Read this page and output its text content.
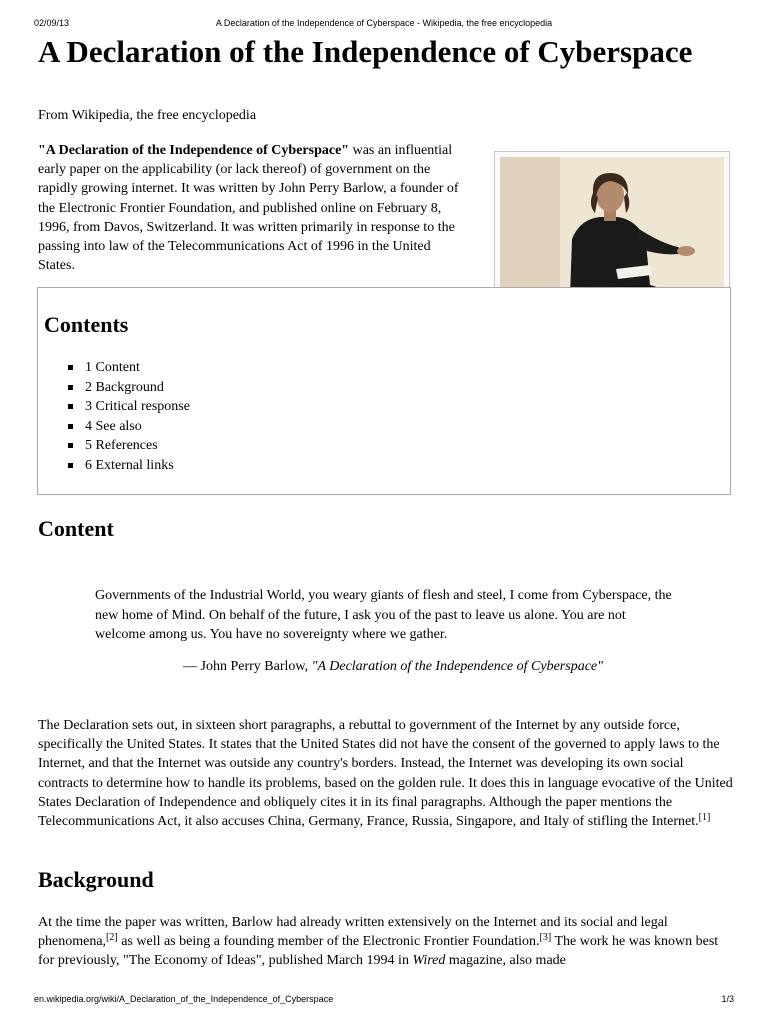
02/09/13	A Declaration of the Independence of Cyberspace - Wikipedia, the free encyclopedia
A Declaration of the Independence of Cyberspace
From Wikipedia, the free encyclopedia

"A Declaration of the Independence of Cyberspace" was an influential early paper on the applicability (or lack thereof) of government on the rapidly growing internet. It was written by John Perry Barlow, a founder of the Electronic Frontier Foundation, and published online on February 8, 1996, from Davos, Switzerland. It was written primarily in response to the passing into law of the Telecommunications Act of 1996 in the United States.

Contents
1 Content
2 Background
3 Critical response
4 See also
5 References
6 External links
Content

Governments of the Industrial World, you weary giants of flesh and steel, I come from Cyberspace, the new home of Mind. On behalf of the future, I ask you of the past to leave us alone. You are not welcome among us. You have no sovereignty where we gather.

— John Perry Barlow, "A Declaration of the Independence of Cyberspace"

The Declaration sets out, in sixteen short paragraphs, a rebuttal to government of the Internet by any outside force, specifically the United States. It states that the United States did not have the consent of the governed to apply laws to the Internet, and that the Internet was outside any country's borders. Instead, the Internet was developing its own social contracts to determine how to handle its problems, based on the golden rule. It does this in language evocative of the United States Declaration of Independence and obliquely cites it in its final paragraphs. Although the paper mentions the Telecommunications Act, it also accuses China, Germany, France, Russia, Singapore, and Italy of stifling the Internet.[1]

Background

At the time the paper was written, Barlow had already written extensively on the Internet and its social and legal phenomena,[2] as well as being a founding member of the Electronic Frontier Foundation.[3] The work he was known best for previously, "The Economy of Ideas", published March 1994 in Wired magazine, also made

en.wikipedia.org/wiki/A_Declaration_of_the_Independence_of_Cyberspace	1/3
